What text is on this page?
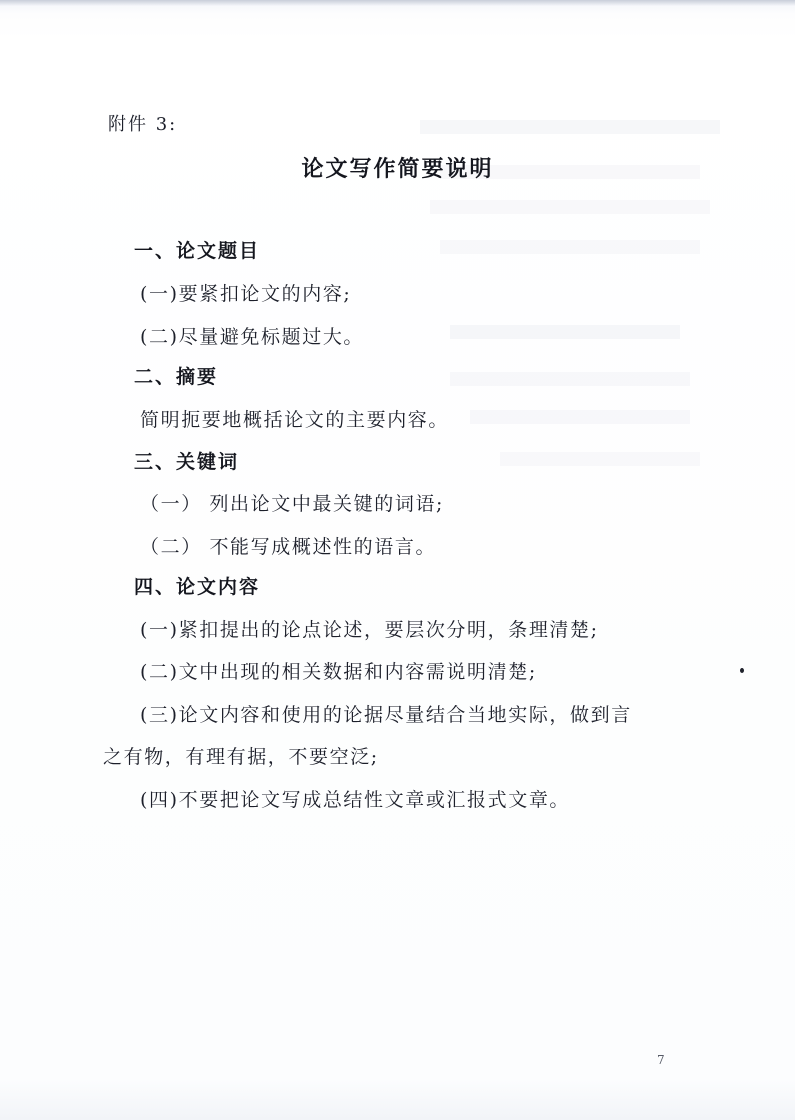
附件 3:
论文写作简要说明
一、论文题目
(一)要紧扣论文的内容;
(二)尽量避免标题过大。
二、摘要
简明扼要地概括论文的主要内容。
三、关键词
（一） 列出论文中最关键的词语;
（二） 不能写成概述性的语言。
四、论文内容
(一)紧扣提出的论点论述，要层次分明，条理清楚;
(二)文中出现的相关数据和内容需说明清楚;
(三)论文内容和使用的论据尽量结合当地实际，做到言
之有物，有理有据，不要空泛;
(四)不要把论文写成总结性文章或汇报式文章。
7
